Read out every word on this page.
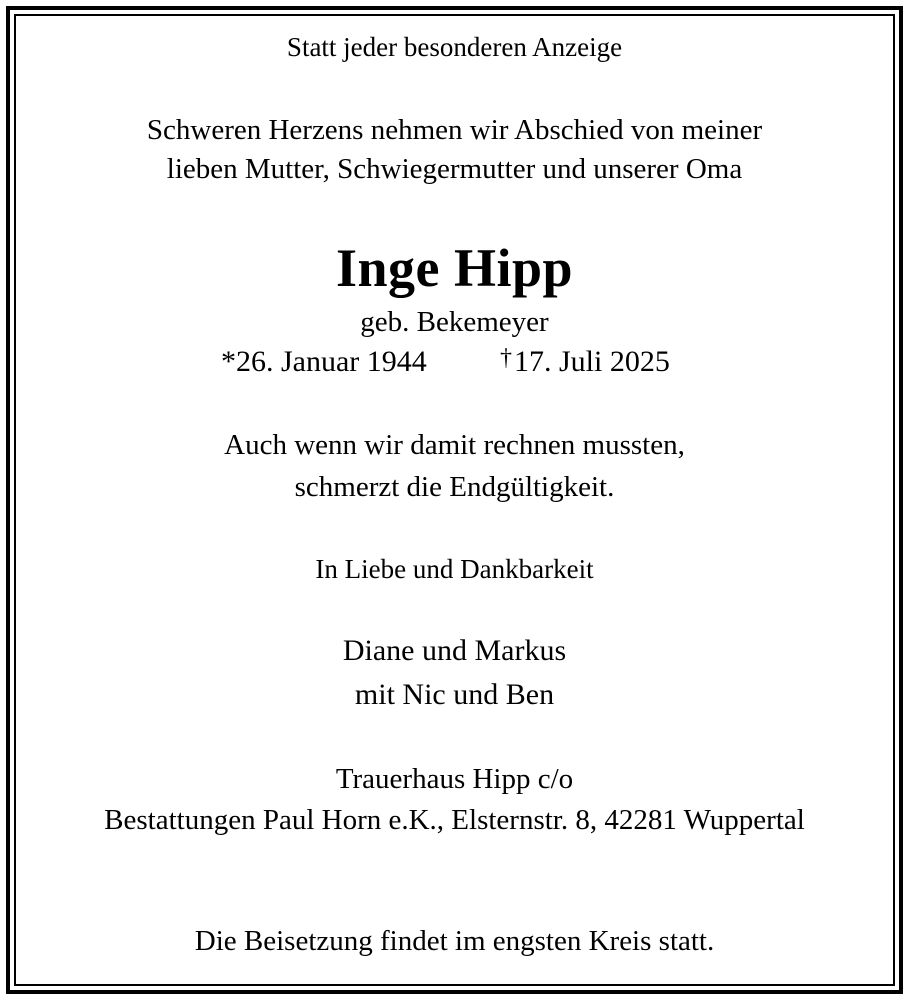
Statt jeder besonderen Anzeige
Schweren Herzens nehmen wir Abschied von meiner
lieben Mutter, Schwiegermutter und unserer Oma
Inge Hipp
geb. Bekemeyer
*26. Januar 1944	†17. Juli 2025
Auch wenn wir damit rechnen mussten,
schmerzt die Endgültigkeit.
In Liebe und Dankbarkeit
Diane und Markus
mit Nic und Ben
Trauerhaus Hipp c/o
Bestattungen Paul Horn e.K., Elsternstr. 8, 42281 Wuppertal
Die Beisetzung findet im engsten Kreis statt.
